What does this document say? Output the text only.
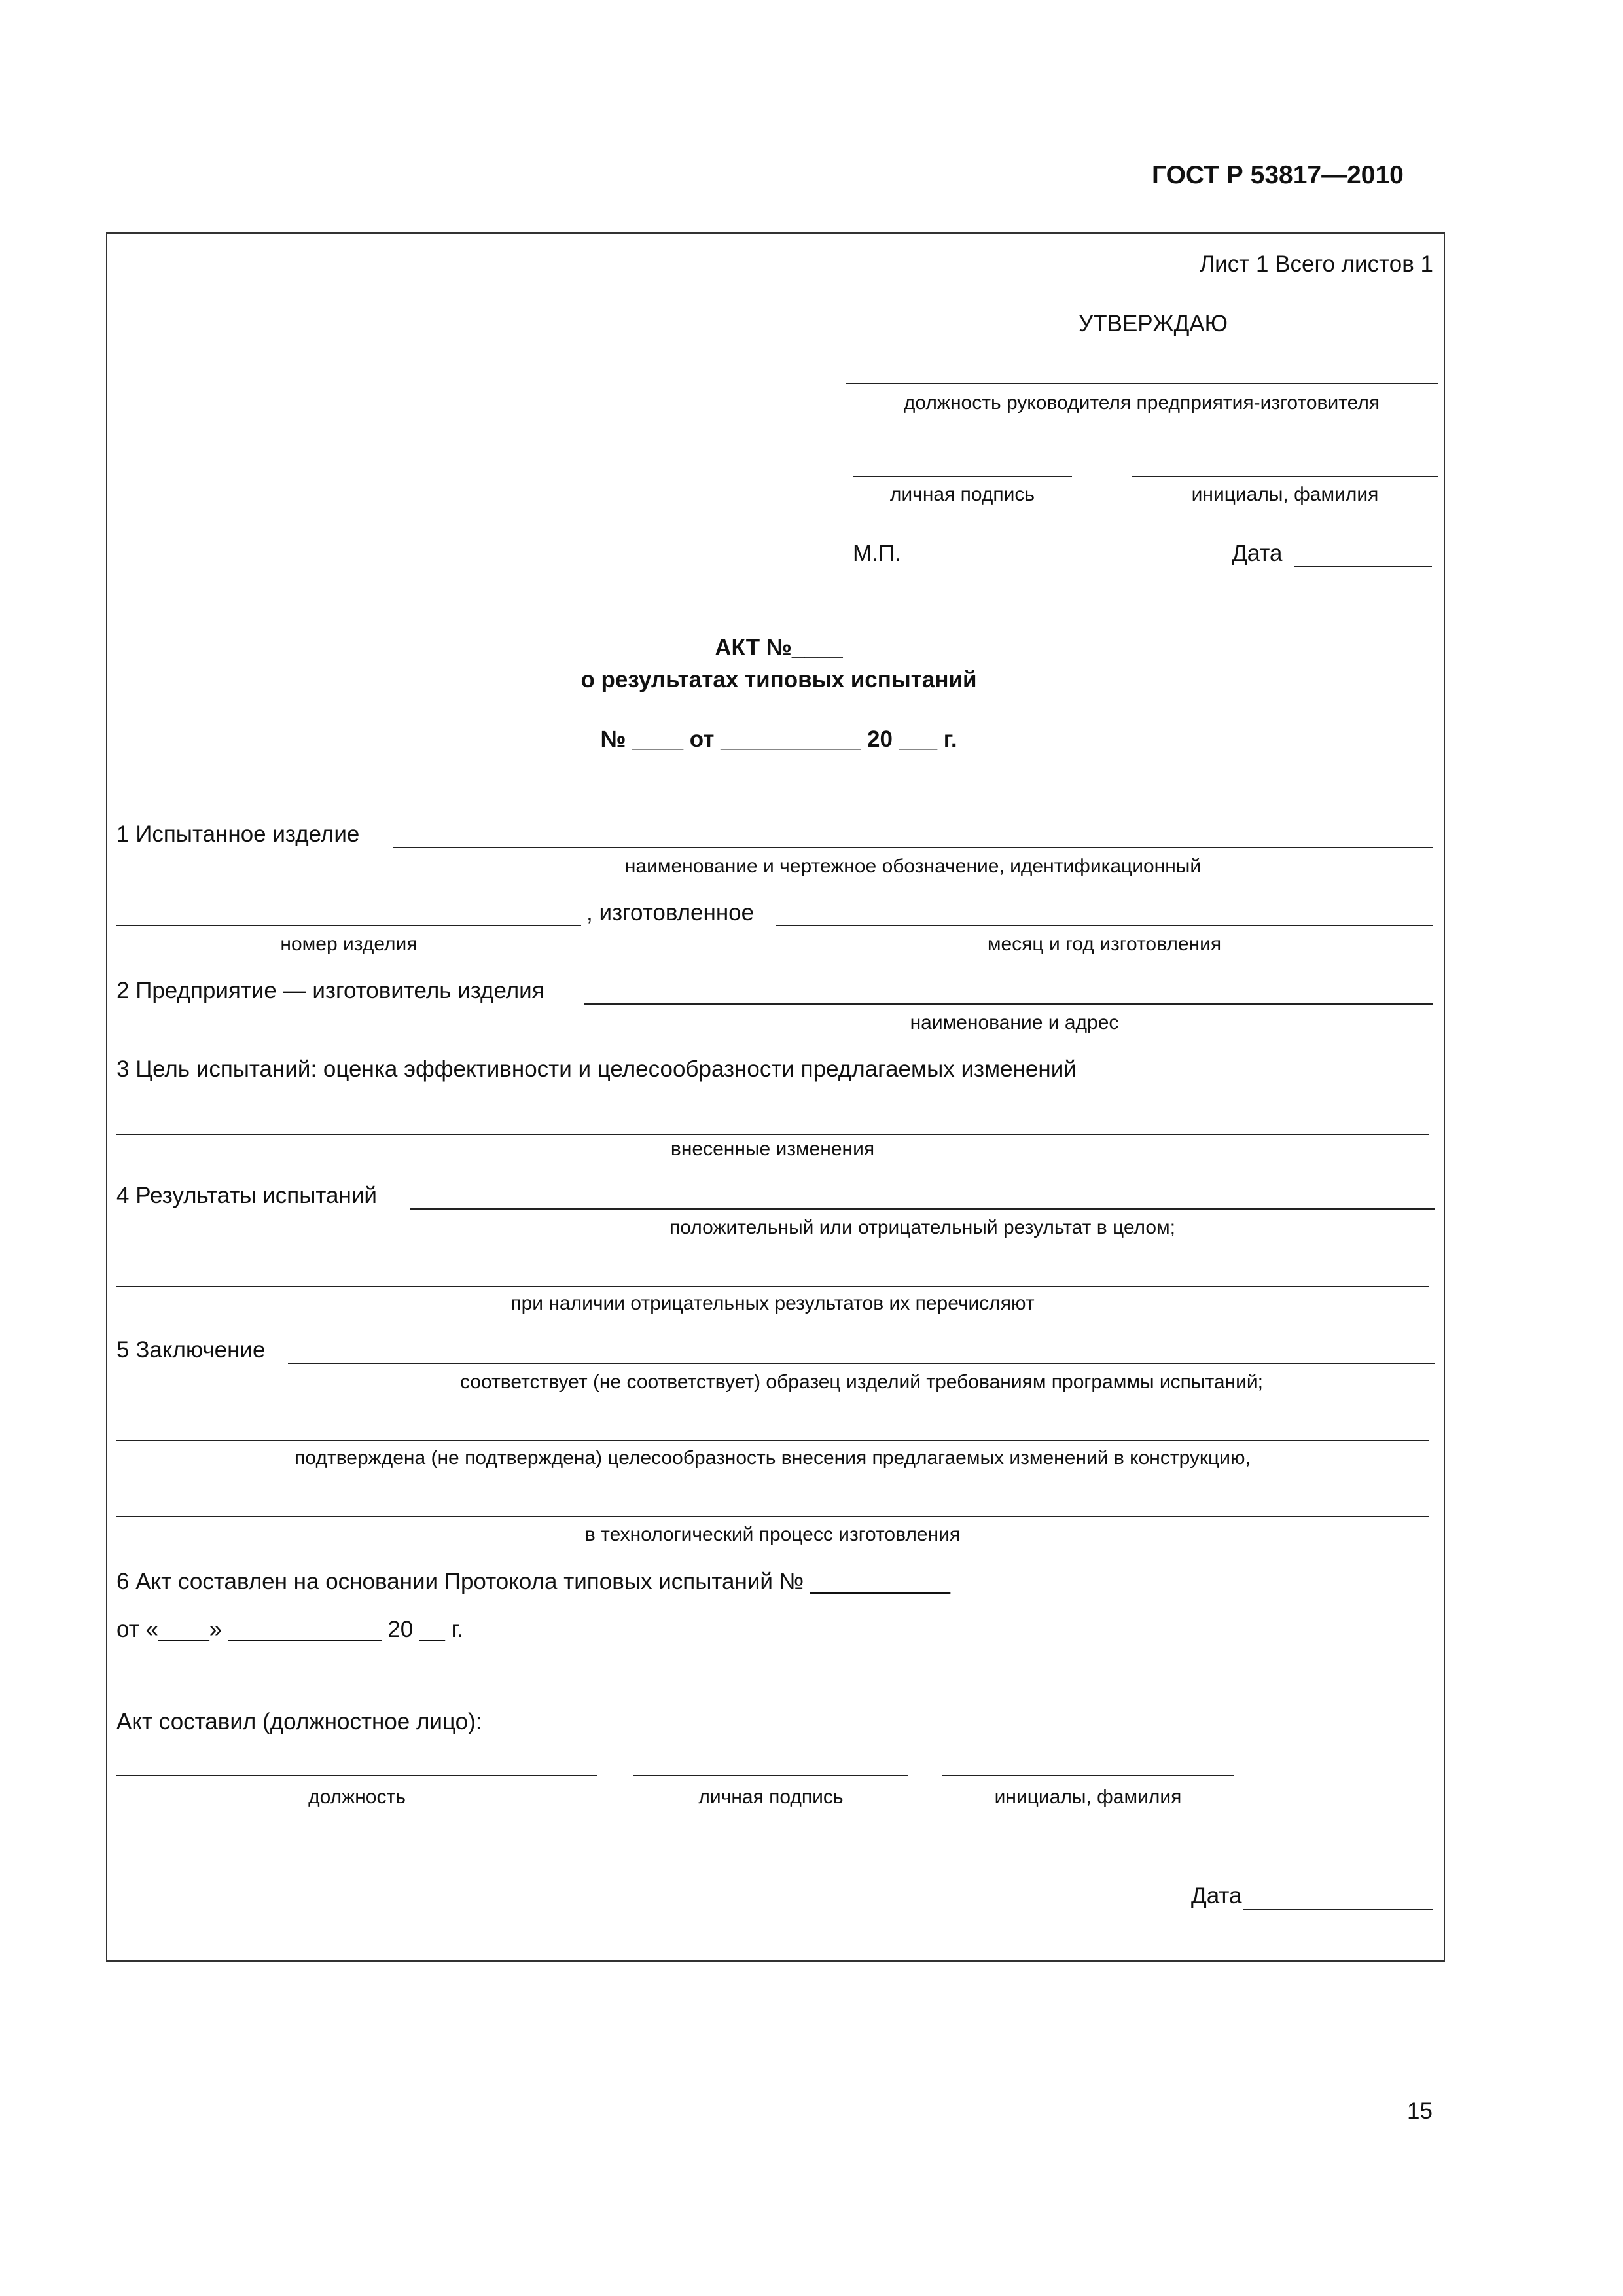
ГОСТ Р 53817—2010
Лист 1 Всего листов 1
УТВЕРЖДАЮ
должность руководителя предприятия-изготовителя
личная подпись	инициалы, фамилия
М.П.	Дата
АКТ №____
о результатах типовых испытаний
№ ____ от ___________ 20 ___ г.
1 Испытанное изделие
наименование и чертежное обозначение, идентификационный
, изготовленное
номер изделия	месяц и год изготовления
2 Предприятие — изготовитель изделия
наименование и адрес
3 Цель испытаний: оценка эффективности и целесообразности предлагаемых изменений
внесенные изменения
4 Результаты испытаний
положительный или отрицательный результат в целом;
при наличии отрицательных результатов их перечисляют
5 Заключение
соответствует (не соответствует) образец изделий требованиям программы испытаний;
подтверждена (не подтверждена) целесообразность внесения предлагаемых изменений в конструкцию,
в технологический процесс изготовления
6 Акт составлен на основании Протокола типовых испытаний № ___________
от «____» ____________ 20 __ г.
Акт составил (должностное лицо):
должность	личная подпись	инициалы, фамилия
Дата
15
